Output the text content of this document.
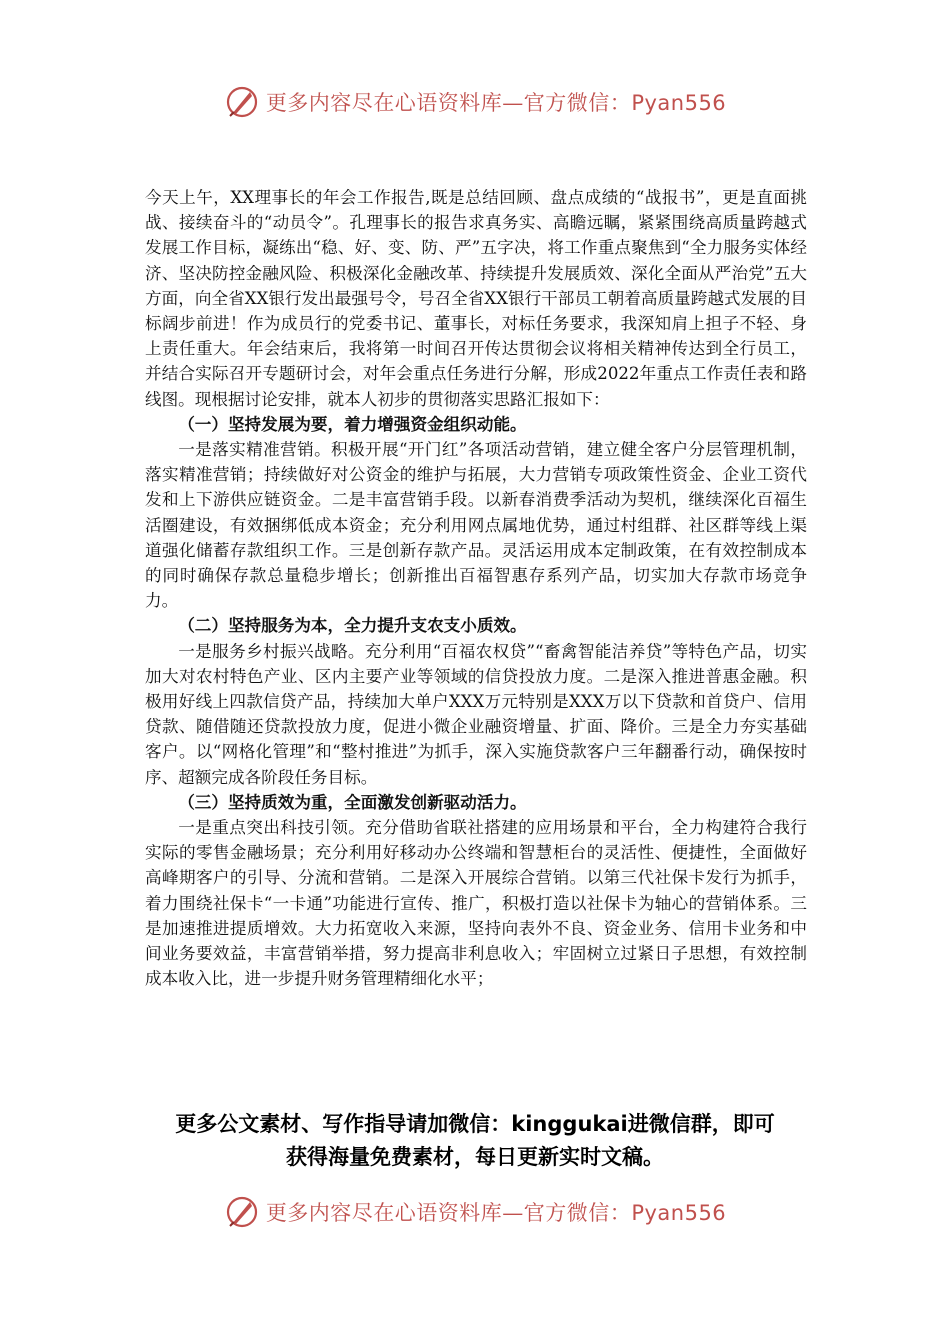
更多内容尽在心语资料库—官方微信：Pyan556

今天上午，XX理事长的年会工作报告,既是总结回顾、盘点成绩的“战报书”，更是直面挑战、接续奋斗的“动员令”。孔理事长的报告求真务实、高瞻远瞩，紧紧围绕高质量跨越式发展工作目标，凝练出“稳、好、变、防、严”五字决，将工作重点聚焦到“全力服务实体经济、坚决防控金融风险、积极深化金融改革、持续提升发展质效、深化全面从严治党”五大方面，向全省XX银行发出最强号令，号召全省XX银行干部员工朝着高质量跨越式发展的目标阔步前进！作为成员行的党委书记、董事长，对标任务要求，我深知肩上担子不轻、身上责任重大。年会结束后，我将第一时间召开传达贯彻会议将相关精神传达到全行员工，并结合实际召开专题研讨会，对年会重点任务进行分解，形成2022年重点工作责任表和路线图。现根据讨论安排，就本人初步的贯彻落实思路汇报如下：

（一）坚持发展为要，着力增强资金组织动能。

一是落实精准营销。积极开展“开门红”各项活动营销，建立健全客户分层管理机制，落实精准营销；持续做好对公资金的维护与拓展，大力营销专项政策性资金、企业工资代发和上下游供应链资金。二是丰富营销手段。以新春消费季活动为契机，继续深化百福生活圈建设，有效捆绑低成本资金；充分利用网点属地优势，通过村组群、社区群等线上渠道强化储蓄存款组织工作。三是创新存款产品。灵活运用成本定制政策，在有效控制成本的同时确保存款总量稳步增长；创新推出百福智惠存系列产品，切实加大存款市场竞争力。

（二）坚持服务为本，全力提升支农支小质效。

一是服务乡村振兴战略。充分利用“百福农权贷”“畜禽智能洁养贷”等特色产品，切实加大对农村特色产业、区内主要产业等领域的信贷投放力度。二是深入推进普惠金融。积极用好线上四款信贷产品，持续加大单户XXX万元特别是XXX万以下贷款和首贷户、信用贷款、随借随还贷款投放力度，促进小微企业融资增量、扩面、降价。三是全力夯实基础客户。以“网格化管理”和“整村推进”为抓手，深入实施贷款客户三年翻番行动，确保按时序、超额完成各阶段任务目标。

（三）坚持质效为重，全面激发创新驱动活力。

一是重点突出科技引领。充分借助省联社搭建的应用场景和平台，全力构建符合我行实际的零售金融场景；充分利用好移动办公终端和智慧柜台的灵活性、便捷性，全面做好高峰期客户的引导、分流和营销。二是深入开展综合营销。以第三代社保卡发行为抓手，着力围绕社保卡“一卡通”功能进行宣传、推广，积极打造以社保卡为轴心的营销体系。三是加速推进提质增效。大力拓宽收入来源，坚持向表外不良、资金业务、信用卡业务和中间业务要效益，丰富营销举措，努力提高非利息收入；牢固树立过紧日子思想，有效控制成本收入比，进一步提升财务管理精细化水平；

更多公文素材、写作指导请加微信：kinggukai进微信群，即可
获得海量免费素材，每日更新实时文稿。
更多内容尽在心语资料库—官方微信：Pyan556
